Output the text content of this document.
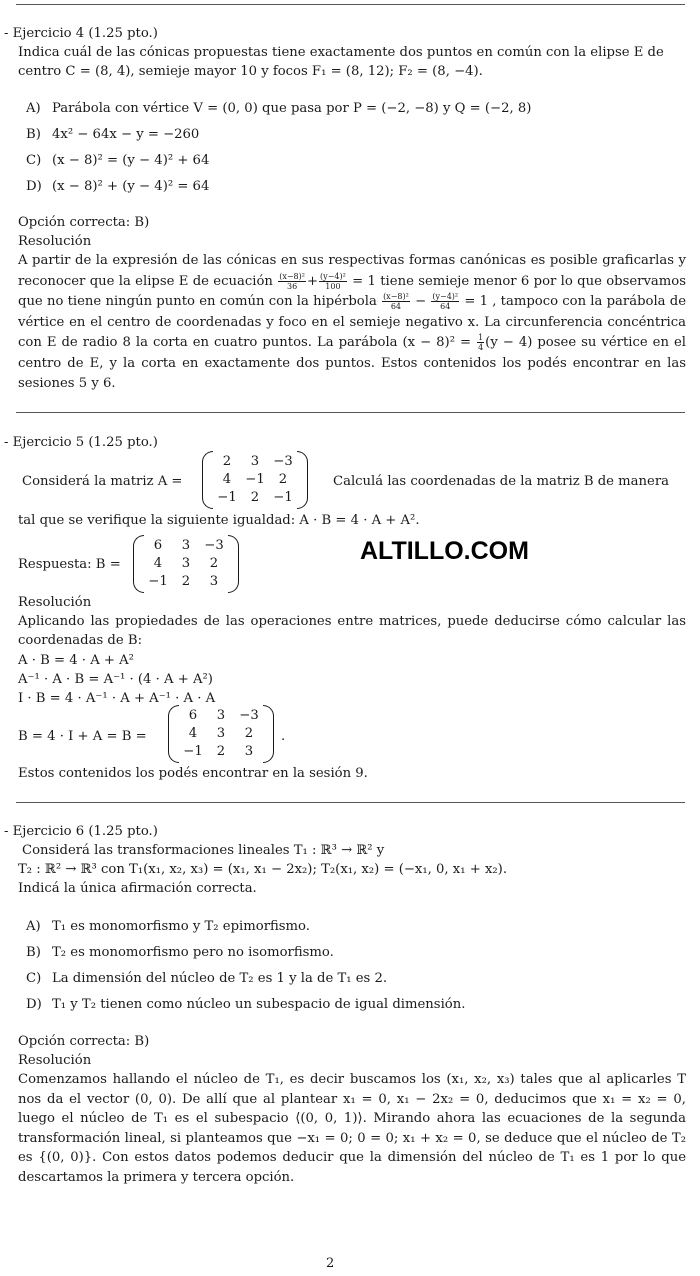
- Ejercicio 4 (1.25 pto.)
Indica cuál de las cónicas propuestas tiene exactamente dos puntos en común con la elipse E de
centro C = (8, 4), semieje mayor 10 y focos F₁ = (8, 12); F₂ = (8, −4).
A) Parábola con vértice V = (0, 0) que pasa por P = (−2, −8) y Q = (−2, 8)
B) 4x² − 64x − y = −260
C) (x − 8)² = (y − 4)² + 64
D) (x − 8)² + (y − 4)² = 64
Opción correcta: B)
Resolución
A partir de la expresión de las cónicas en sus respectivas formas canónicas es posible graficarlas y reconocer que la elipse E de ecuación $\frac{\text{(x−8)²}}{36} + \frac{\text{(y−4)²}}{100} = 1$ tiene semieje menor 6 por lo que observamos que no tiene ningún punto en común con la hipérbola $\frac{\text{(x−8)²}}{64} - \frac{\text{(y−4)²}}{64} = 1$ , tampoco con la parábola de vértice en el centro de coordenadas y foco en el semieje negativo x. La circunferencia concéntrica con E de radio 8 la corta en cuatro puntos. La parábola $(x - 8)^2 = \frac{1}{4} (y - 4)$ posee su vértice en el centro de E, y la corta en exactamente dos puntos. Estos contenidos los podés encontrar en las sesiones 5 y 6.
- Ejercicio 5 (1.25 pto.)
Considerá la matriz A =
2	3	−3
4	−1	2
−1	2	−1
Calculá las coordenadas de la matriz B de manera
tal que se verifique la siguiente igualdad: A · B = 4 · A + A².
Respuesta: B =
6	3	−3
4	3	2
−1	2	3
ALTILLO.COM
Resolución
Aplicando las propiedades de las operaciones entre matrices, puede deducirse cómo calcular las coordenadas de B:
A · B = 4 · A + A²
A⁻¹ · A · B = A⁻¹ · (4 · A + A²)
I · B = 4 · A⁻¹ · A + A⁻¹ · A · A
B = 4 · I + A = B =
6	3	−3
4	3	2
−1	2	3
.
Estos contenidos los podés encontrar en la sesión 9.
- Ejercicio 6 (1.25 pto.)
Considerá las transformaciones lineales T₁ : ℝ³ → ℝ² y
T₂ : ℝ² → ℝ³ con T₁(x₁, x₂, x₃) = (x₁, x₁ − 2x₂); T₂(x₁, x₂) = (−x₁, 0, x₁ + x₂).
Indicá la única afirmación correcta.
A) T₁ es monomorfismo y T₂ epimorfismo.
B) T₂ es monomorfismo pero no isomorfismo.
C) La dimensión del núcleo de T₂ es 1 y la de T₁ es 2.
D) T₁ y T₂ tienen como núcleo un subespacio de igual dimensión.
Opción correcta: B)
Resolución
Comenzamos hallando el núcleo de T₁, es decir buscamos los (x₁, x₂, x₃) tales que al aplicarles T nos da el vector (0, 0). De allí que al plantear x₁ = 0, x₁ − 2x₂ = 0, deducimos que x₁ = x₂ = 0, luego el núcleo de T₁ es el subespacio ⟨(0, 0, 1)⟩. Mirando ahora las ecuaciones de la segunda transformación lineal, si planteamos que −x₁ = 0; 0 = 0; x₁ + x₂ = 0, se deduce que el núcleo de T₂ es {(0, 0)}. Con estos datos podemos deducir que la dimensión del núcleo de T₁ es 1 por lo que descartamos la primera y tercera opción.
2
